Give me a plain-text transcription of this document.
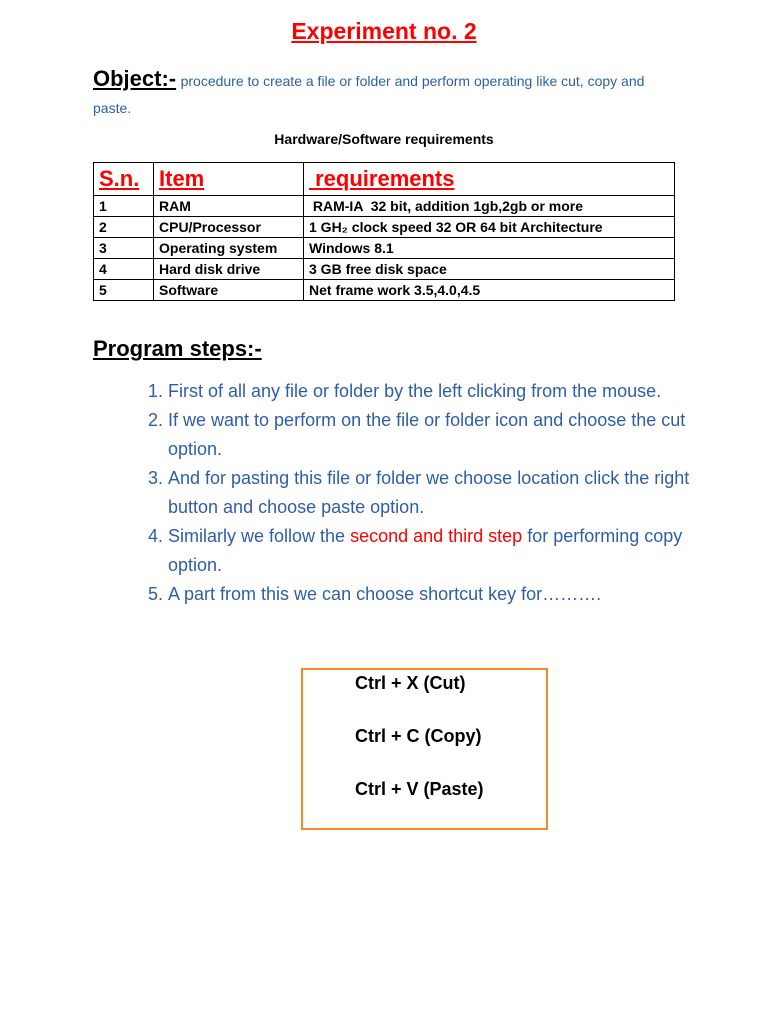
Experiment no. 2
Object:- procedure to create a file or folder and perform operating like cut, copy and paste.
Hardware/Software requirements
S.n.	Item	requirements
1	RAM	RAM-IA  32 bit, addition 1gb,2gb or more
2	CPU/Processor	1 GH₂ clock speed 32 OR 64 bit Architecture
3	Operating system	Windows 8.1
4	Hard disk drive	3 GB free disk space
5	Software	Net frame work 3.5,4.0,4.5
Program steps:-
1. First of all any file or folder by the left clicking from the mouse.
2. If we want to perform on the file or folder icon and choose the cut option.
3. And for pasting this file or folder we choose location click the right button and choose paste option.
4. Similarly we follow the second and third step for performing copy option.
5. A part from this we can choose shortcut key for……….
Ctrl + X (Cut)
Ctrl + C (Copy)
Ctrl + V (Paste)
